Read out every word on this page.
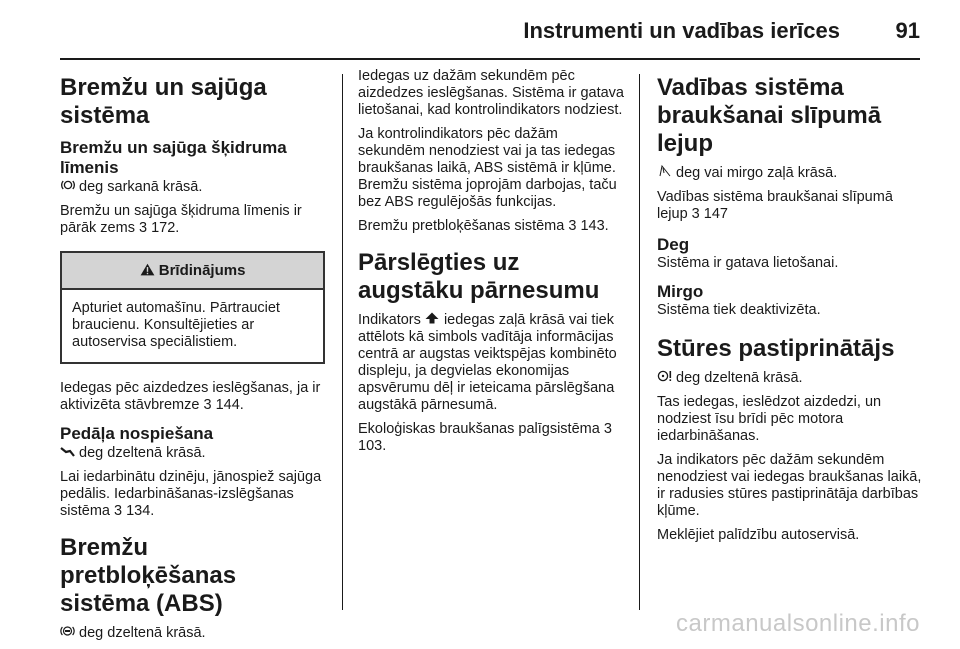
Instrumenti un vadības ierīces	91
Bremžu un sajūga sistēma
Bremžu un sajūga šķidruma līmenis

deg sarkanā krāsā.

Bremžu un sajūga šķidruma līmenis ir pārāk zems 3 172.

Brīdinājums

Apturiet automašīnu. Pārtrauciet braucienu. Konsultējieties ar autoservisa speciālistiem.

Iedegas pēc aizdedzes ieslēgšanas, ja ir aktivizēta stāvbremze 3 144.

Pedāļa nospiešana

deg dzeltenā krāsā.

Lai iedarbinātu dzinēju, jānospiež sajūga pedālis. Iedarbināšanas-izslēgšanas sistēma 3 134.

Bremžu pretbloķēšanas sistēma (ABS)

deg dzeltenā krāsā.

Iedegas uz dažām sekundēm pēc aizdedzes ieslēgšanas. Sistēma ir gatava lietošanai, kad kontrolindikators nodziest.

Ja kontrolindikators pēc dažām sekundēm nenodziest vai ja tas iedegas braukšanas laikā, ABS sistēmā ir kļūme. Bremžu sistēma joprojām darbojas, taču bez ABS regulējošās funkcijas.

Bremžu pretbloķēšanas sistēma 3 143.

Pārslēgties uz augstāku pārnesumu

Indikators iedegas zaļā krāsā vai tiek attēlots kā simbols vadītāja informācijas centrā ar augstas veiktspējas kombinēto displeju, ja degvielas ekonomijas apsvērumu dēļ ir ieteicama pārslēgšana augstākā pārnesumā.

Ekoloģiskas braukšanas palīgsistēma 3 103.

Vadības sistēma braukšanai slīpumā lejup

deg vai mirgo zaļā krāsā.

Vadības sistēma braukšanai slīpumā lejup 3 147

Deg

Sistēma ir gatava lietošanai.

Mirgo

Sistēma tiek deaktivizēta.

Stūres pastiprinātājs

deg dzeltenā krāsā.

Tas iedegas, ieslēdzot aizdedzi, un nodziest īsu brīdi pēc motora iedarbināšanas.

Ja indikators pēc dažām sekundēm nenodziest vai iedegas braukšanas laikā, ir radusies stūres pastiprinātāja darbības kļūme.

Meklējiet palīdzību autoservisā.

carmanualsonline.info
